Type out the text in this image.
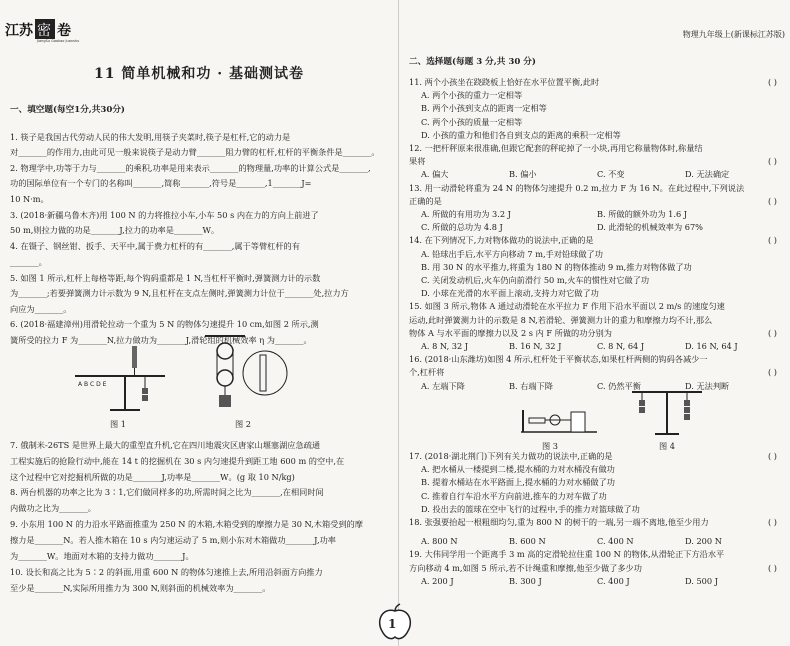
江苏 密 卷
JiangSu Gaokao Juanshu
11 简单机械和功 · 基础测试卷
一、填空题(每空1分,共30分)
1. 筷子是我国古代劳动人民的伟大发明,用筷子夹菜时,筷子是杠杆,它的动力是
对_______的作用力,由此可见一般来说筷子是动力臂_______阻力臂的杠杆,杠杆的平衡条件是_______。
2. 物理学中,功等于力与_______的乘积,功率是用来表示_______的物理量,功率的计算公式是_______,
功的国际单位有一个专门的名称叫_______,简称_______,符号是_______,1_______J=
10 N·m。
3. (2018·新疆乌鲁木齐)用 100 N 的力将推拉小车,小车 50 s 内在力的方向上前进了
50 m,则拉力做的功是_______J,拉力的功率是_______W。
4. 在镊子、钢丝钳、扳手、天平中,属于费力杠杆的有_______,属于等臂杠杆的有
_______。
5. 如图 1 所示,杠杆上每格等距,每个钩码重都是 1 N,当杠杆平衡时,弹簧测力计的示数
为_______;若要弹簧测力计示数为 9 N,且杠杆在支点左侧时,弹簧测力计位于_______处,拉力方
向应为_______。
6. (2018·福建漳州)用滑轮拉动一个重为 5 N 的物体匀速提升 10 cm,如图 2 所示,测
簧所受的拉力 F 为_______N,拉力做功为_______J,滑轮组的机械效率 η 为_______。
A B C D E
图 1	图 2
7. 俄制米-26TS 是世界上最大的重型直升机,它在四川地震灾区唐家山堰塞湖应急疏通
工程实施后的抢险行动中,能在 14 t 的挖掘机在 30 s 内匀速提升到距工地 600 m 的空中,在
这个过程中它对挖掘机所做的功是_______J,功率是_______W。(g 取 10 N/kg)
8. 两台机器的功率之比为 3∶1,它们做同样多的功,所需时间之比为_______,在相同时间
内做功之比为_______。
9. 小东用 100 N 的力沿水平路面推重为 250 N 的木箱,木箱受到的摩擦力是 30 N,木箱受到的摩
擦力是_______N。若人推木箱在 10 s 内匀速运动了 5 m,则小东对木箱做功_______J,功率
为_______W。地面对木箱的支持力做功_______J。
10. 设长和高之比为 5∶2 的斜面,用重 600 N 的物体匀速推上去,所用沿斜面方向推力
至少是_______N,实际所用推力为 300 N,则斜面的机械效率为_______。
物理九年级上(新课标江苏版)
二、选择题(每题 3 分,共 30 分)
11. 两个小孩坐在跷跷板上恰好在水平位置平衡,此时	( )
A. 两个小孩的重力一定相等
B. 两个小孩到支点的距离一定相等
C. 两个小孩的质量一定相等
D. 小孩的重力和他们各自到支点的距离的乘积一定相等
12. 一把杆秤原来很准确,但跟它配套的秤砣掉了一小块,再用它称量物体时,称量结
果将	( )
A. 偏大	B. 偏小	C. 不变	D. 无法确定
13. 用一动滑轮将重为 24 N 的物体匀速提升 0.2 m,拉力 F 为 16 N。在此过程中,下列说法
正确的是	( )
A. 所做的有用功为 3.2 J	B. 所做的额外功为 1.6 J
C. 所做的总功为 4.8 J	D. 此滑轮的机械效率为 67%
14. 在下列情况下,力对物体做功的说法中,正确的是	( )
A. 铅球出手后,水平方向移动 7 m,手对铅球做了功
B. 用 30 N 的水平推力,将重为 180 N 的物体推动 9 m,推力对物体做了功
C. 关闭发动机后,火车仍向前滑行 50 m,火车的惯性对它做了功
D. 小球在光滑的水平面上滚动,支持力对它做了功
15. 如图 3 所示,物体 A 通过动滑轮在水平拉力 F 作用下沿水平面以 2 m/s 的速度匀速
运动,此时弹簧测力计的示数是 8 N,若滑轮、弹簧测力计的重力和摩擦力均不计,那么
物体 A 与水平面的摩擦力以及 2 s 内 F 所做的功分别为	( )
A. 8 N, 32 J	B. 16 N, 32 J	C. 8 N, 64 J	D. 16 N, 64 J
16. (2018·山东潍坊)如图 4 所示,杠杆处于平衡状态,如果杠杆两侧的钩码各减少一
个,杠杆将	( )
A. 左端下降	B. 右端下降	C. 仍然平衡	D. 无法判断
17. (2018·湖北荆门)下列有关力做功的说法中,正确的是	( )
A. 把水桶从一楼提到二楼,提水桶的力对水桶没有做功
B. 提着水桶站在水平路面上,提水桶的力对水桶做了功
C. 推着自行车沿水平方向前进,推车的力对车做了功
D. 投出去的篮球在空中飞行的过程中,手的推力对篮球做了功
18. 张强要抬起一根粗细均匀,重为 800 N 的树干的一端,另一端不离地,他至少用力	( )
A. 800 N	B. 600 N	C. 400 N	D. 200 N
19. 大伟同学用一个距离手 3 m 高的定滑轮拉住重 100 N 的物体,从滑轮正下方沿水平
方向移动 4 m,如图 5 所示,若不计绳重和摩擦,他至少做了多少功	( )
A. 200 J	B. 300 J	C. 400 J	D. 500 J
图 3	图 4
1
